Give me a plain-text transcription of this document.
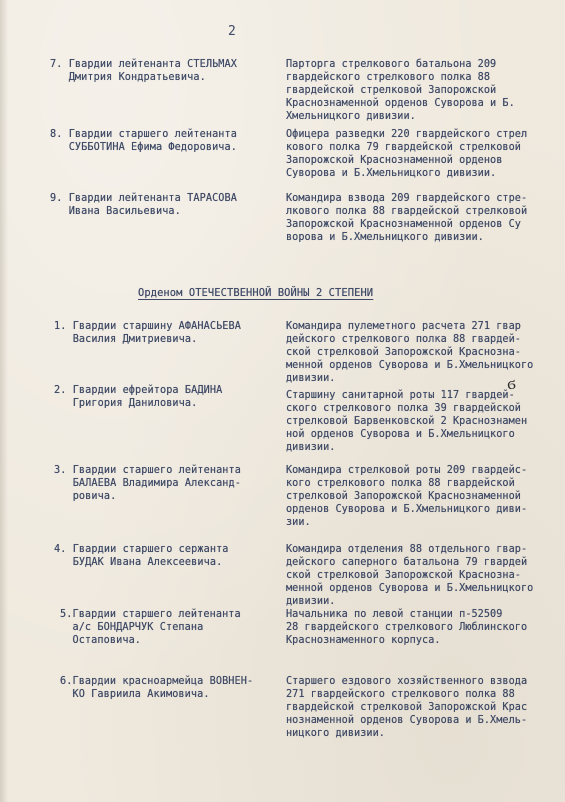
2
7. Гвардии лейтенанта СТЕЛЬМАХ
Дмитрия Кондратьевича.
Парторга стрелкового батальона 209
гвардейского стрелкового полка 88
гвардейской стрелковой Запорожской
Краснознаменной орденов Суворова и Б.
Хмельницкого дивизии.
8. Гвардии старшего лейтенанта
СУББОТИНА Ефима Федоровича.
Офицера разведки 220 гвардейского стрел
кового полка 79 гвардейской стрелковой
Запорожской Краснознаменной орденов
Суворова и Б.Хмельницкого дивизии.
9. Гвардии лейтенанта ТАРАСОВА
Ивана Васильевича.
Командира взвода 209 гвардейского стре-
лкового полка 88 гвардейской стрелковой
Запорожской Краснознаменной орденов Су
ворова и Б.Хмельницкого дивизии.
Орденом ОТЕЧЕСТВЕННОЙ ВОЙНЫ 2 СТЕПЕНИ
1. Гвардии старшину АФАНАСЬЕВА
Василия Дмитриевича.
Командира пулеметного расчета 271 гвар
дейского стрелкового полка 88 гвардей-
ской стрелковой Запорожской Краснозна-
менной орденов Суворова и Б.Хмельницкого
дивизии.
2. Гвардии ефрейтора БАДИНА
Григория Даниловича.
Старшину санитарной роты 117 гвардей-
ского стрелкового полка 39 гвардейской
стрелковой Барвенковской 2 Краснознамен
ной орденов Суворова и Б.Хмельницкого
дивизии.
3. Гвардии старшего лейтенанта
БАЛАЕВА Владимира Александ-
ровича.
Командира стрелковой роты 209 гвардейс-
кого стрелкового полка 88 гвардейской
стрелковой Запорожской Краснознаменной
орденов Суворова и Б.Хмельницкого диви-
зии.
4. Гвардии старшего сержанта
БУДАК Ивана Алексеевича.
Командира отделения 88 отдельного гвар-
дейского саперного батальона 79 гвардей
ской стрелковой Запорожской Краснозна-
менной орденов Суворова и Б.Хмельницкого
дивизии.
5.Гвардии старшего лейтенанта
а/с БОНДАРЧУК Степана
Остаповича.
Начальника по левой станции п-52509
28 гвардейского стрелкового Люблинского
Краснознаменного корпуса.
6.Гвардии красноармейца ВОВНЕН-
КО Гавриила Акимовича.
Старшего ездового хозяйственного взвода
271 гвардейского стрелкового полка 88
гвардейской стрелковой Запорожской Крас
нознаменной орденов Суворова и Б.Хмель-
ницкого дивизии.
ϭ
